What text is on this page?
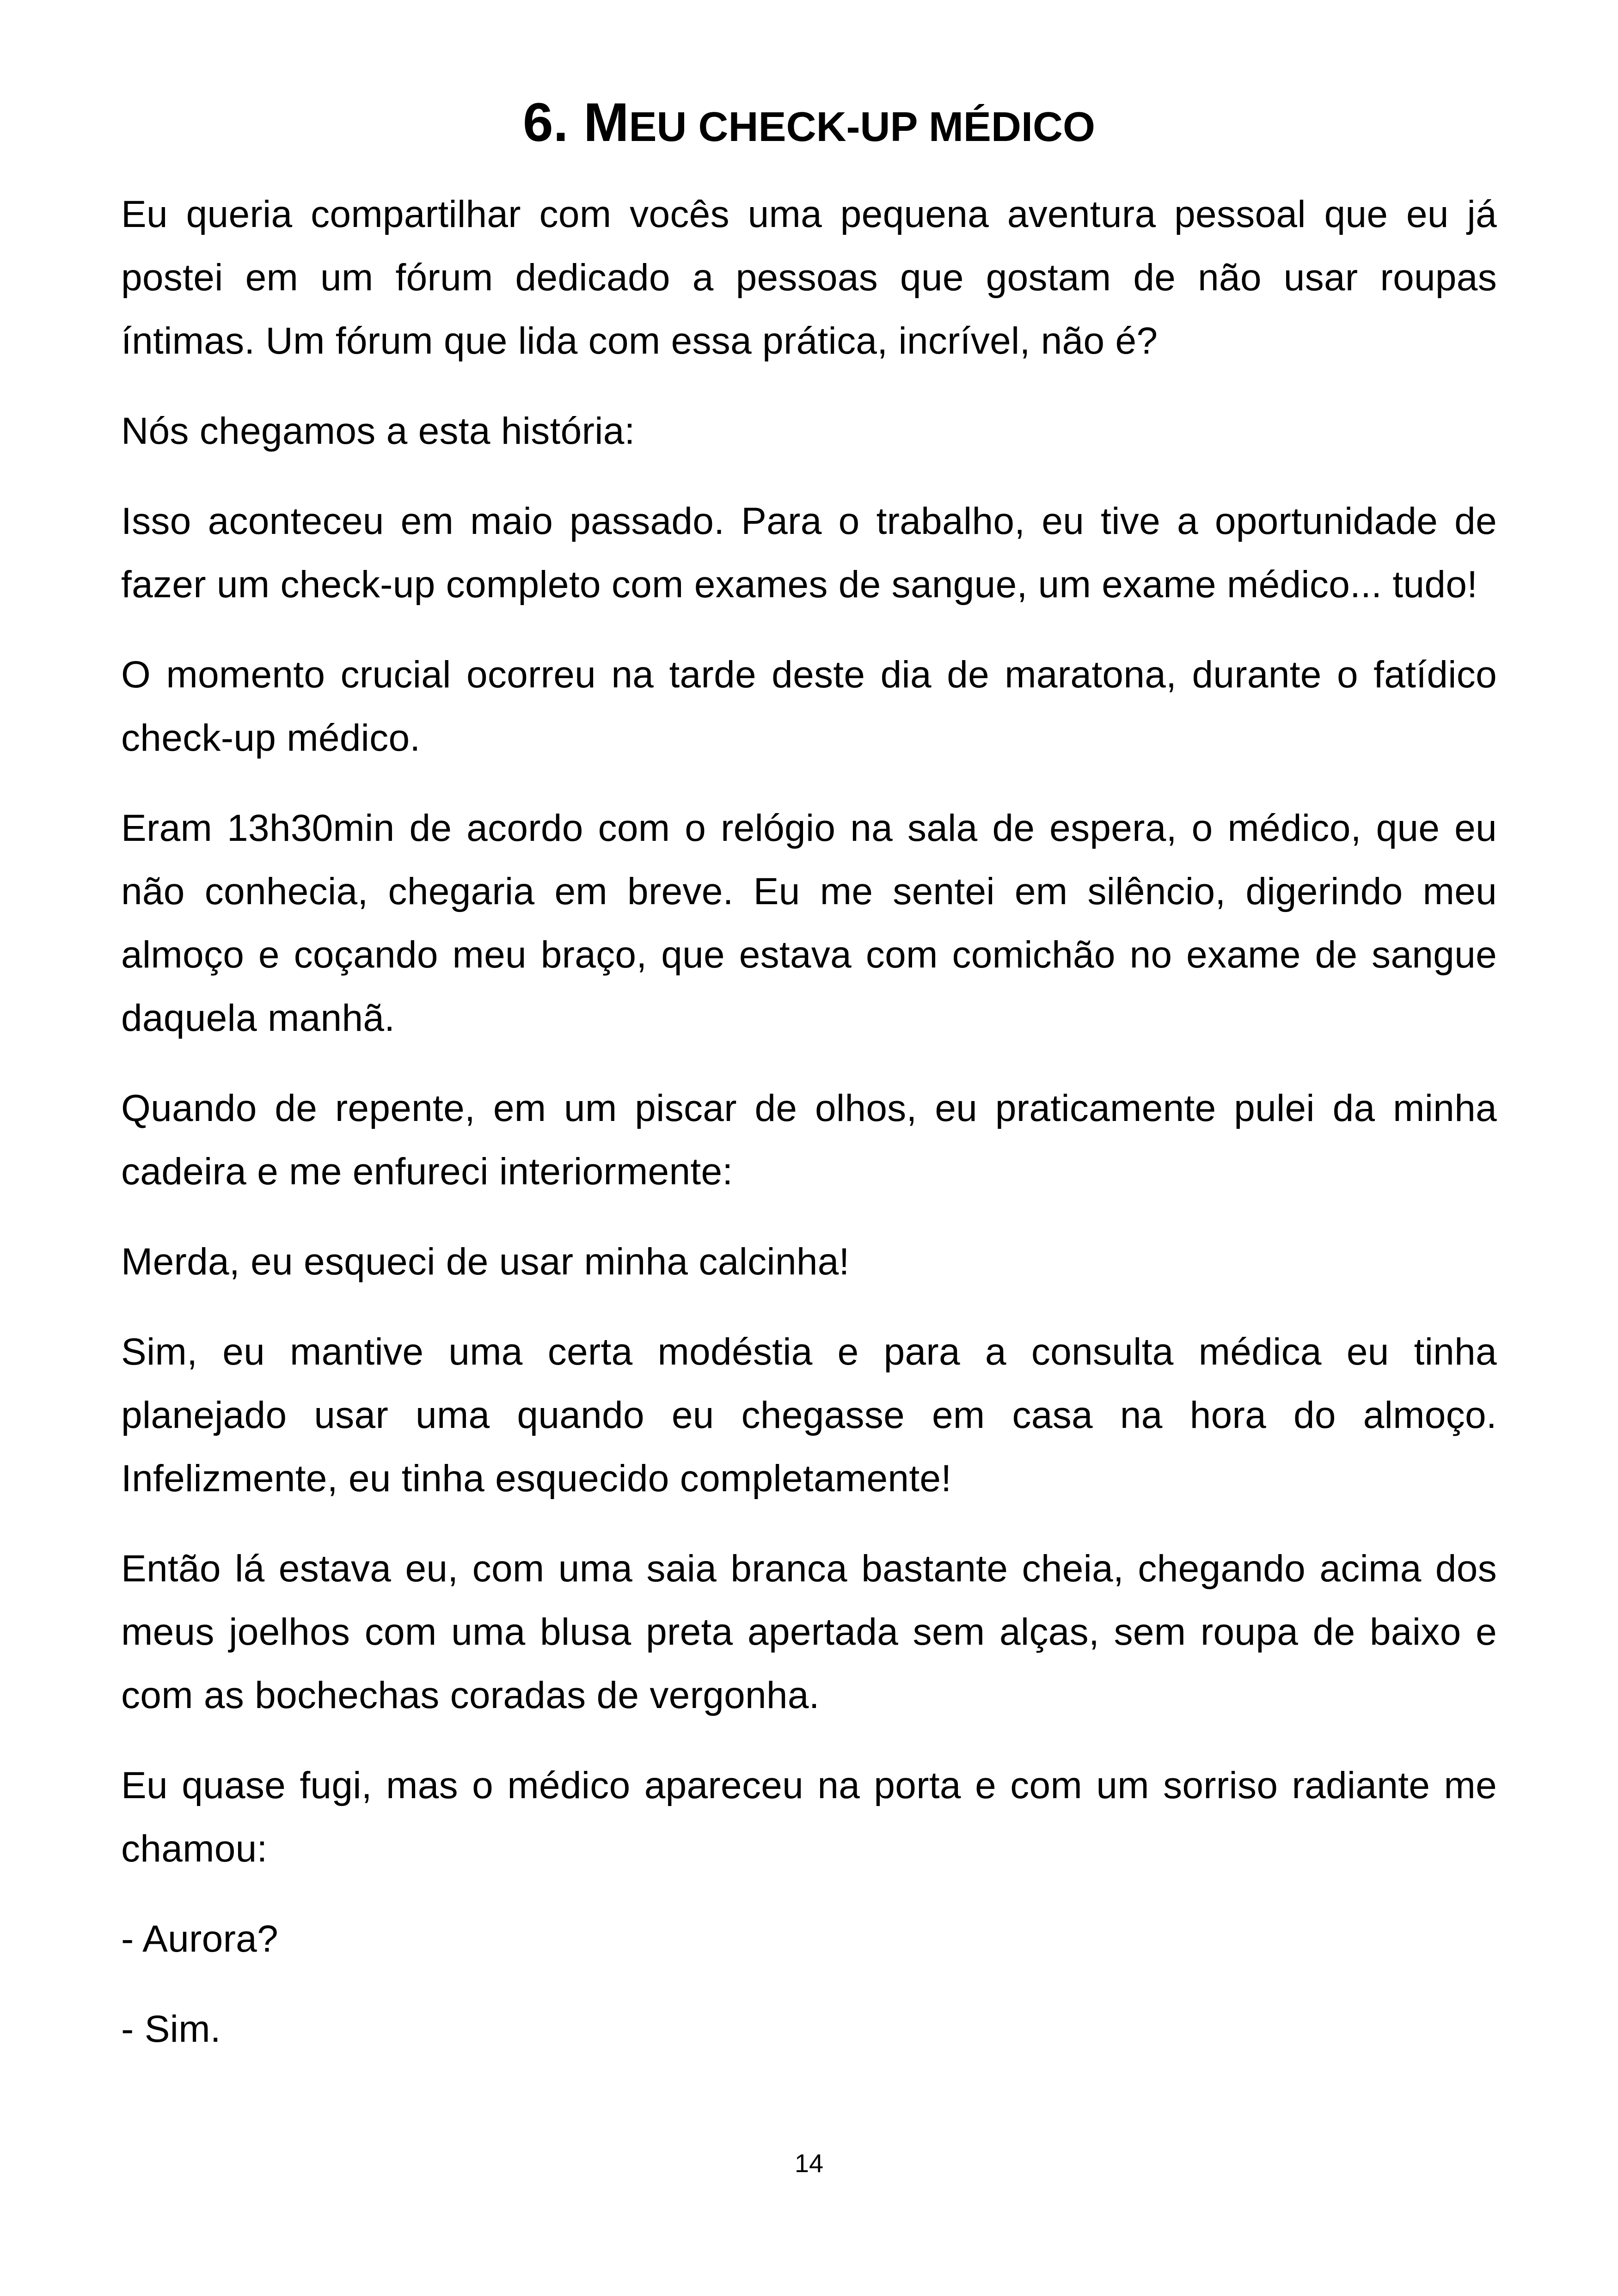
6. MEU CHECK-UP MÉDICO

Eu queria compartilhar com vocês uma pequena aventura pessoal que eu já postei em um fórum dedicado a pessoas que gostam de não usar roupas íntimas. Um fórum que lida com essa prática, incrível, não é?

Nós chegamos a esta história:

Isso aconteceu em maio passado. Para o trabalho, eu tive a oportunidade de fazer um check-up completo com exames de sangue, um exame médico... tudo!

O momento crucial ocorreu na tarde deste dia de maratona, durante o fatídico check-up médico.

Eram 13h30min de acordo com o relógio na sala de espera, o médico, que eu não conhecia, chegaria em breve. Eu me sentei em silêncio, digerindo meu almoço e coçando meu braço, que estava com comichão no exame de sangue daquela manhã.

Quando de repente, em um piscar de olhos, eu praticamente pulei da minha cadeira e me enfureci interiormente:

Merda, eu esqueci de usar minha calcinha!

Sim, eu mantive uma certa modéstia e para a consulta médica eu tinha planejado usar uma quando eu chegasse em casa na hora do almoço. Infelizmente, eu tinha esquecido completamente!

Então lá estava eu, com uma saia branca bastante cheia, chegando acima dos meus joelhos com uma blusa preta apertada sem alças, sem roupa de baixo e com as bochechas coradas de vergonha.

Eu quase fugi, mas o médico apareceu na porta e com um sorriso radiante me chamou:

- Aurora?

- Sim.

14
